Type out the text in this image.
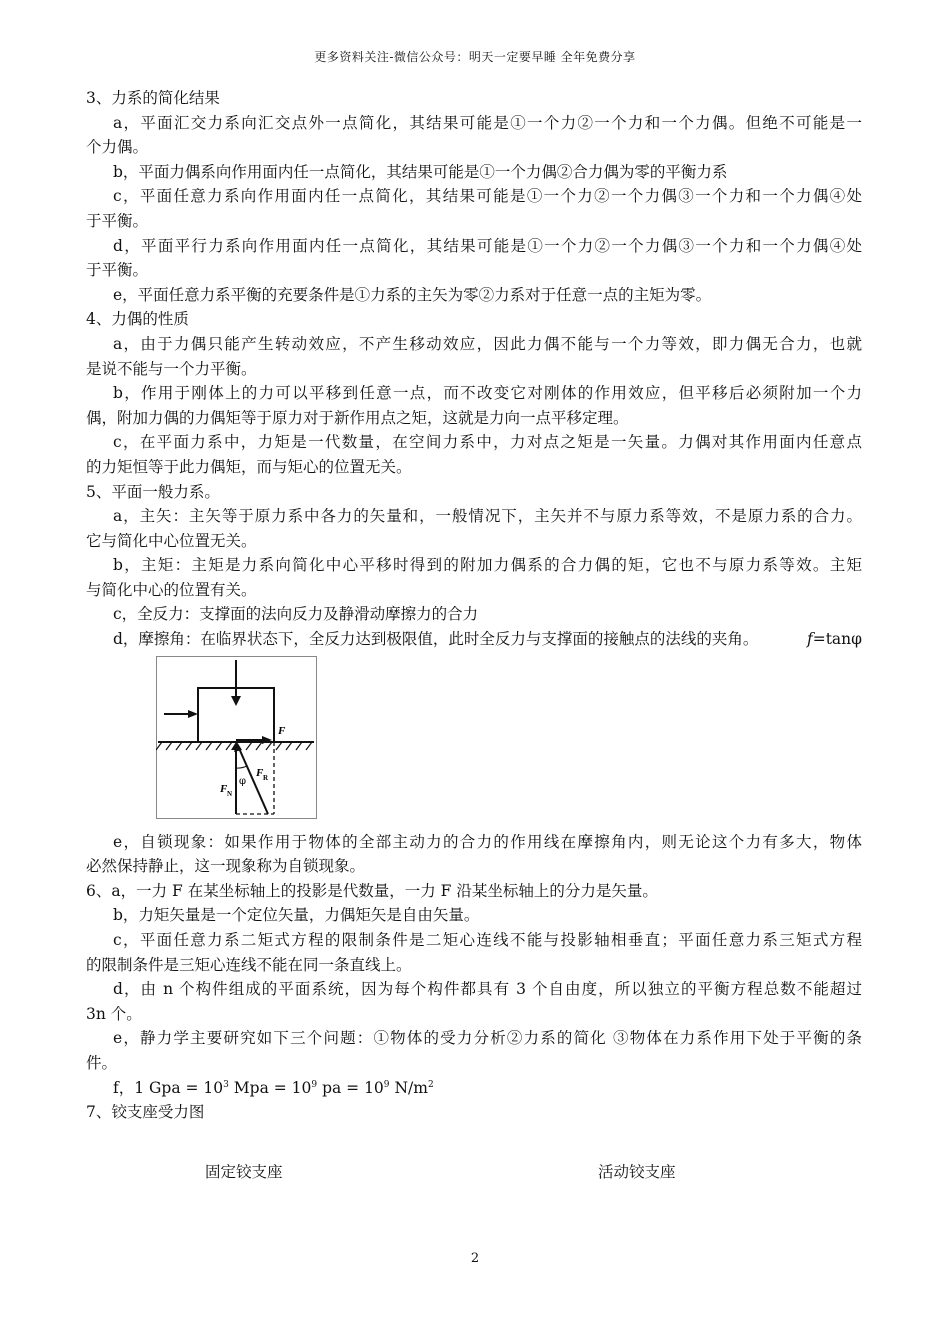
更多资料关注-微信公众号：明天一定要早睡 全年免费分享
3、力系的简化结果
a，平面汇交力系向汇交点外一点简化，其结果可能是①一个力②一个力和一个力偶。但绝不可能是一
个力偶。
b，平面力偶系向作用面内任一点简化，其结果可能是①一个力偶②合力偶为零的平衡力系
c，平面任意力系向作用面内任一点简化，其结果可能是①一个力②一个力偶③一个力和一个力偶④处
于平衡。
d，平面平行力系向作用面内任一点简化，其结果可能是①一个力②一个力偶③一个力和一个力偶④处
于平衡。
e，平面任意力系平衡的充要条件是①力系的主矢为零②力系对于任意一点的主矩为零。
4、力偶的性质
a，由于力偶只能产生转动效应，不产生移动效应，因此力偶不能与一个力等效，即力偶无合力，也就
是说不能与一个力平衡。
b，作用于刚体上的力可以平移到任意一点，而不改变它对刚体的作用效应，但平移后必须附加一个力
偶，附加力偶的力偶矩等于原力对于新作用点之矩，这就是力向一点平移定理。
c，在平面力系中，力矩是一代数量，在空间力系中，力对点之矩是一矢量。力偶对其作用面内任意点
的力矩恒等于此力偶矩，而与矩心的位置无关。
5、平面一般力系。
a，主矢：主矢等于原力系中各力的矢量和，一般情况下，主矢并不与原力系等效，不是原力系的合力。
它与简化中心位置无关。
b，主矩：主矩是力系向简化中心平移时得到的附加力偶系的合力偶的矩，它也不与原力系等效。主矩
与简化中心的位置有关。
c，全反力：支撑面的法向反力及静滑动摩擦力的合力
d，摩擦角：在临界状态下，全反力达到极限值，此时全反力与支撑面的接触点的法线的夹角。	f =tanφ
F
F R
F N
φ
e，自锁现象：如果作用于物体的全部主动力的合力的作用线在摩擦角内，则无论这个力有多大，物体
必然保持静止，这一现象称为自锁现象。
6、a，一力 F 在某坐标轴上的投影是代数量，一力 F 沿某坐标轴上的分力是矢量。
b，力矩矢量是一个定位矢量，力偶矩矢是自由矢量。
c，平面任意力系二矩式方程的限制条件是二矩心连线不能与投影轴相垂直；平面任意力系三矩式方程
的限制条件是三矩心连线不能在同一条直线上。
d，由 n 个构件组成的平面系统，因为每个构件都具有 3 个自由度，所以独立的平衡方程总数不能超过
3n 个。
e，静力学主要研究如下三个问题：①物体的受力分析②力系的简化 ③物体在力系作用下处于平衡的条
件。
f，1 Gpa = $10^3$ Mpa = $10^9$ pa = $10^9$ $N/m^2$
7、铰支座受力图
固定铰支座	活动铰支座
2
